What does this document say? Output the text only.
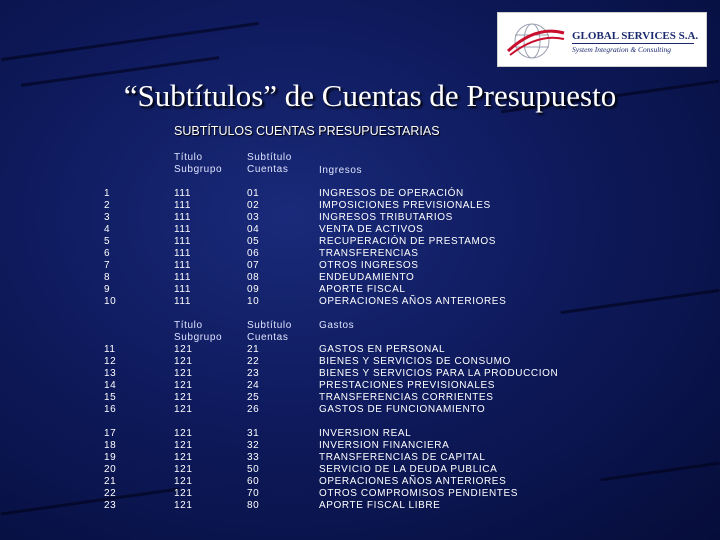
GLOBAL SERVICES S.A.
System Integration & Consulting
“Subtítulos” de Cuentas de Presupuesto
SUBTÍTULOS CUENTAS PRESUPUESTARIAS
Título
Subgrupo
Subtítulo
Cuentas	Ingresos
1	111	01	INGRESOS DE OPERACIÓN
2	111	02	IMPOSICIONES PREVISIONALES
3	111	03	INGRESOS TRIBUTARIOS
4	111	04	VENTA DE ACTIVOS
5	111	05	RECUPERACIÓN DE PRESTAMOS
6	111	06	TRANSFERENCIAS
7	111	07	OTROS INGRESOS
8	111	08	ENDEUDAMIENTO
9	111	09	APORTE FISCAL
10	111	10	OPERACIONES AÑOS ANTERIORES
Título
Subgrupo
Subtítulo
Cuentas
Gastos
11	121	21	GASTOS EN PERSONAL
12	121	22	BIENES Y SERVICIOS DE CONSUMO
13	121	23	BIENES Y SERVICIOS PARA LA PRODUCCION
14	121	24	PRESTACIONES PREVISIONALES
15	121	25	TRANSFERENCIAS CORRIENTES
16	121	26	GASTOS DE FUNCIONAMIENTO
17	121	31	INVERSION REAL
18	121	32	INVERSION FINANCIERA
19	121	33	TRANSFERENCIAS DE CAPITAL
20	121	50	SERVICIO DE LA DEUDA PUBLICA
21	121	60	OPERACIONES AÑOS ANTERIORES
22	121	70	OTROS COMPROMISOS PENDIENTES
23	121	80	APORTE FISCAL LIBRE
